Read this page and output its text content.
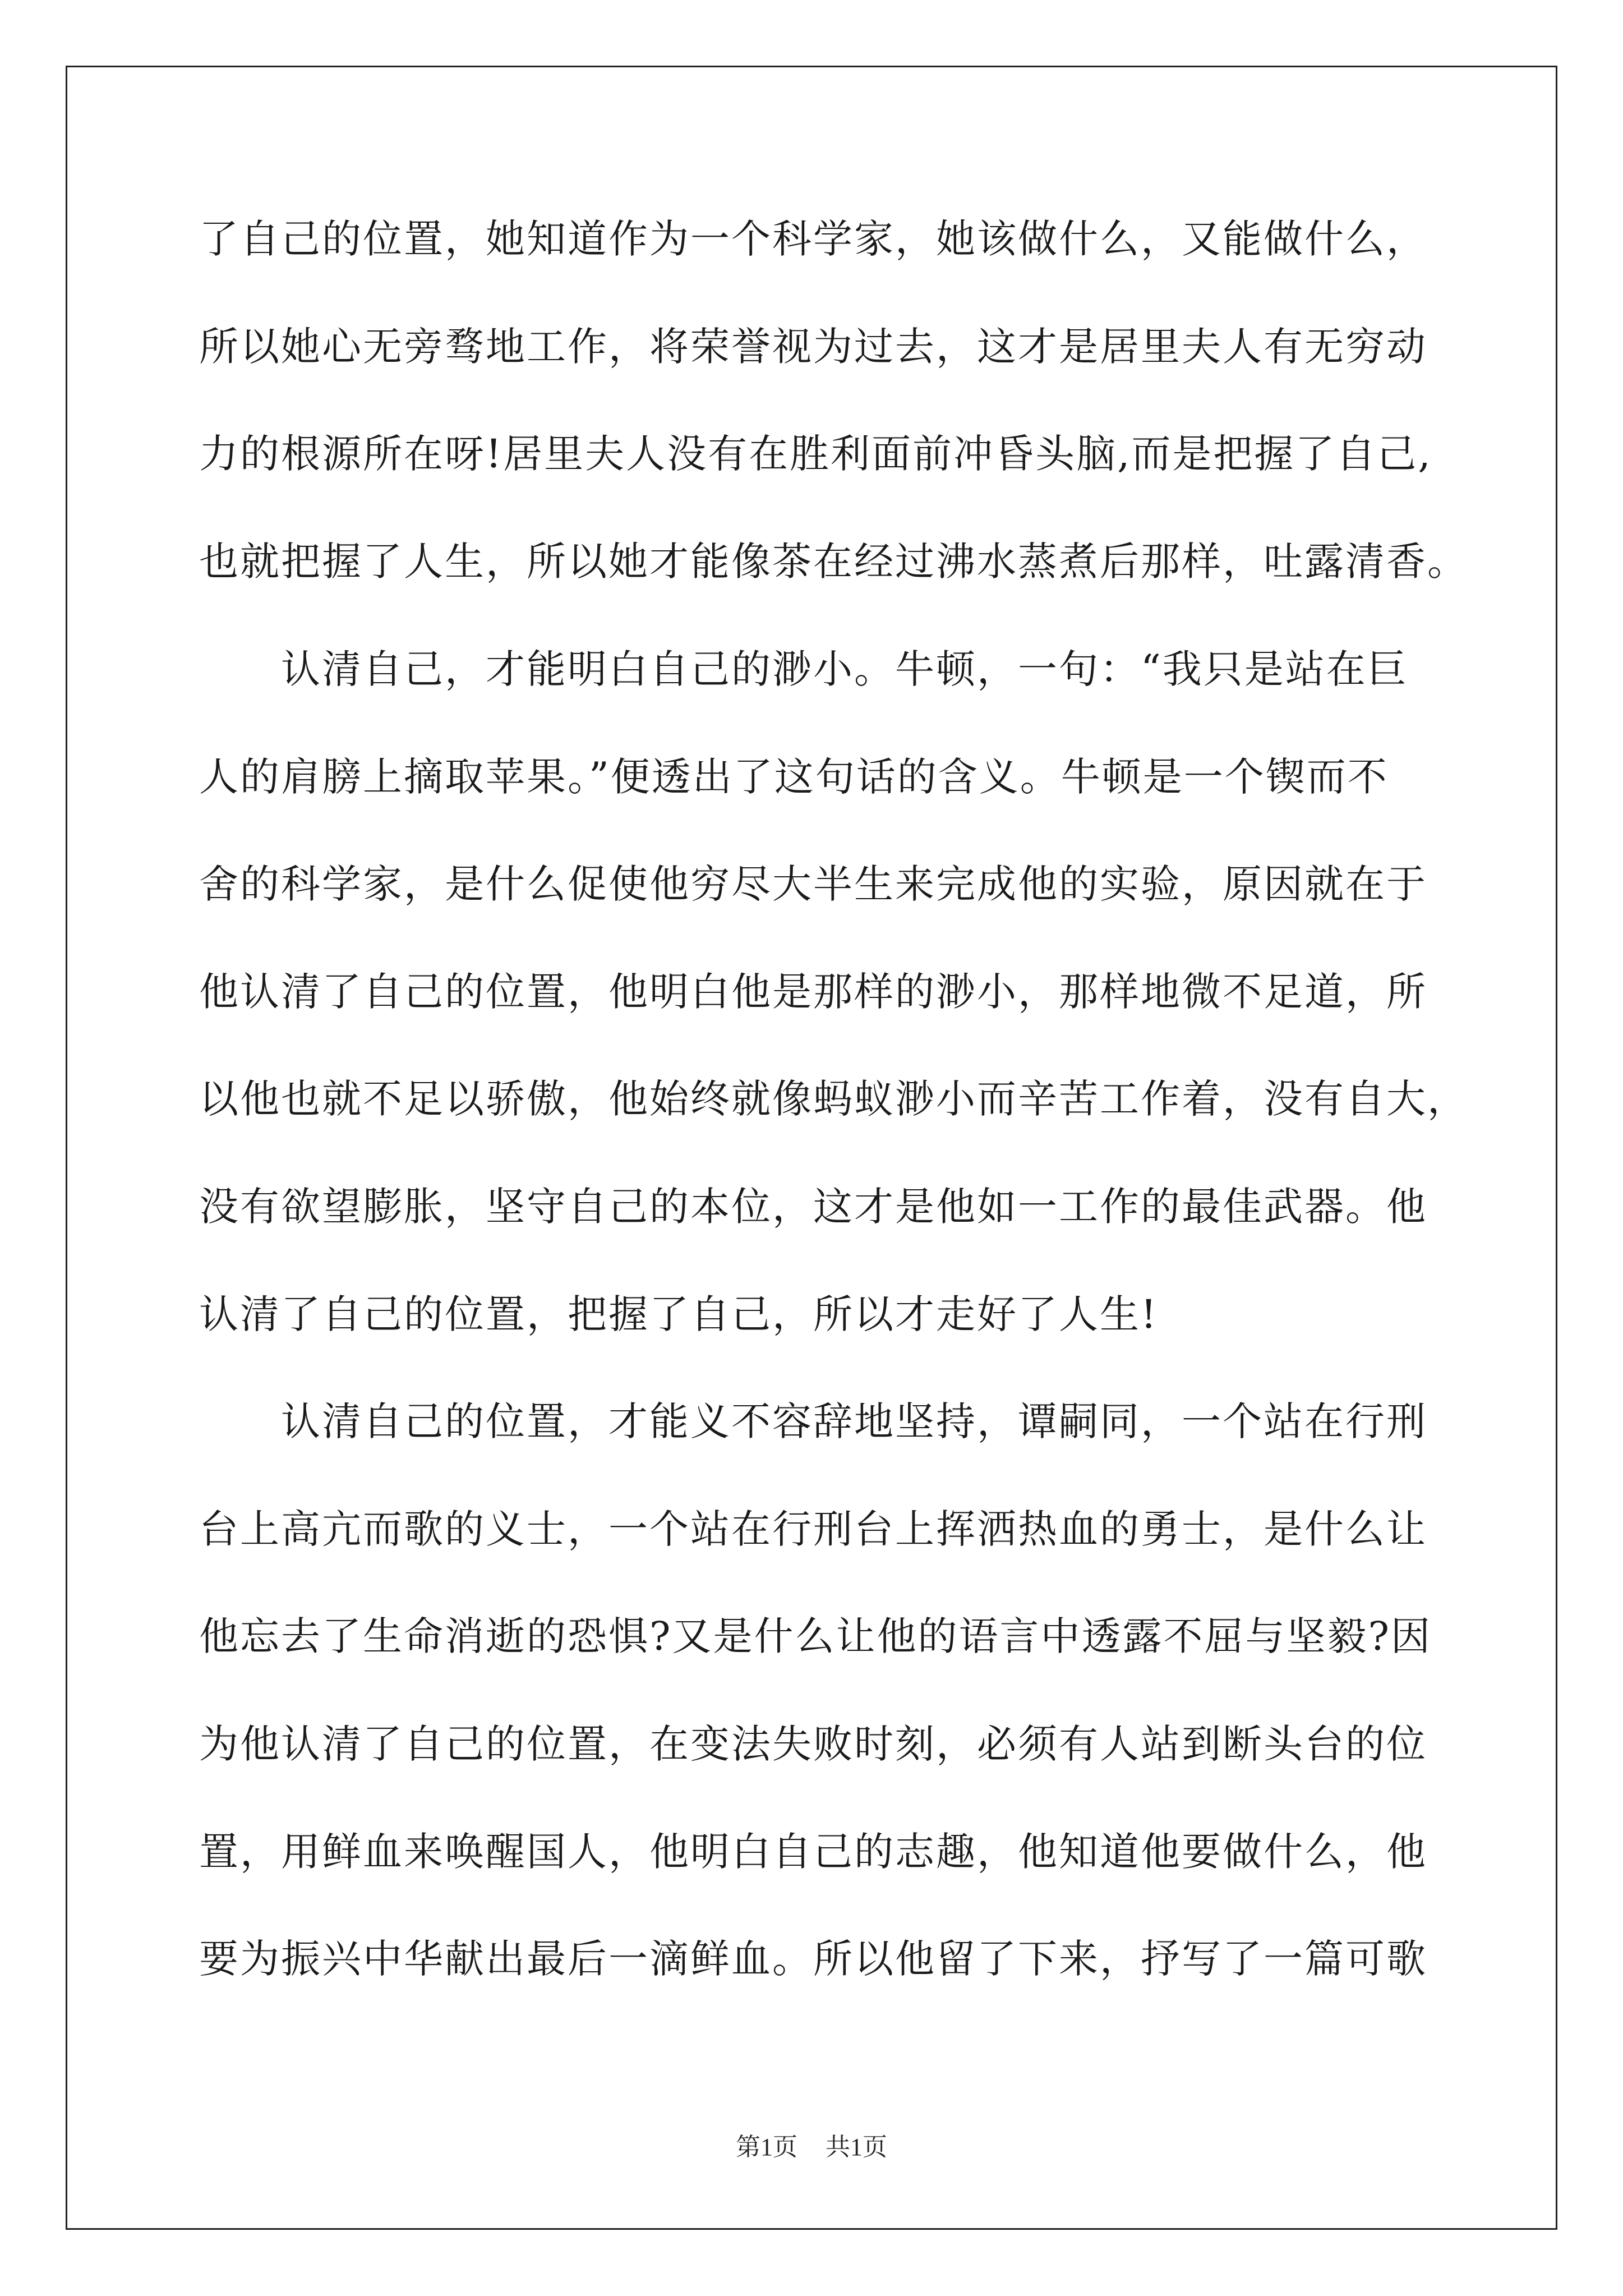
了自己的位置，她知道作为一个科学家，她该做什么，又能做什么，
所以她心无旁骛地工作，将荣誉视为过去，这才是居里夫人有无穷动
力的根源所在呀!居里夫人没有在胜利面前冲昏头脑,而是把握了自己,
也就把握了人生，所以她才能像茶在经过沸水蒸煮后那样，吐露清香。
　　认清自己，才能明白自己的渺小。牛顿，一句：“我只是站在巨
人的肩膀上摘取苹果。”便透出了这句话的含义。牛顿是一个锲而不
舍的科学家，是什么促使他穷尽大半生来完成他的实验，原因就在于
他认清了自己的位置，他明白他是那样的渺小，那样地微不足道，所
以他也就不足以骄傲，他始终就像蚂蚁渺小而辛苦工作着，没有自大，
没有欲望膨胀，坚守自己的本位，这才是他如一工作的最佳武器。他
认清了自己的位置，把握了自己，所以才走好了人生!
　　认清自己的位置，才能义不容辞地坚持，谭嗣同，一个站在行刑
台上高亢而歌的义士，一个站在行刑台上挥洒热血的勇士，是什么让
他忘去了生命消逝的恐惧?又是什么让他的语言中透露不屈与坚毅?因
为他认清了自己的位置，在变法失败时刻，必须有人站到断头台的位
置，用鲜血来唤醒国人，他明白自己的志趣，他知道他要做什么，他
要为振兴中华献出最后一滴鲜血。所以他留了下来，抒写了一篇可歌
第1页 共1页
